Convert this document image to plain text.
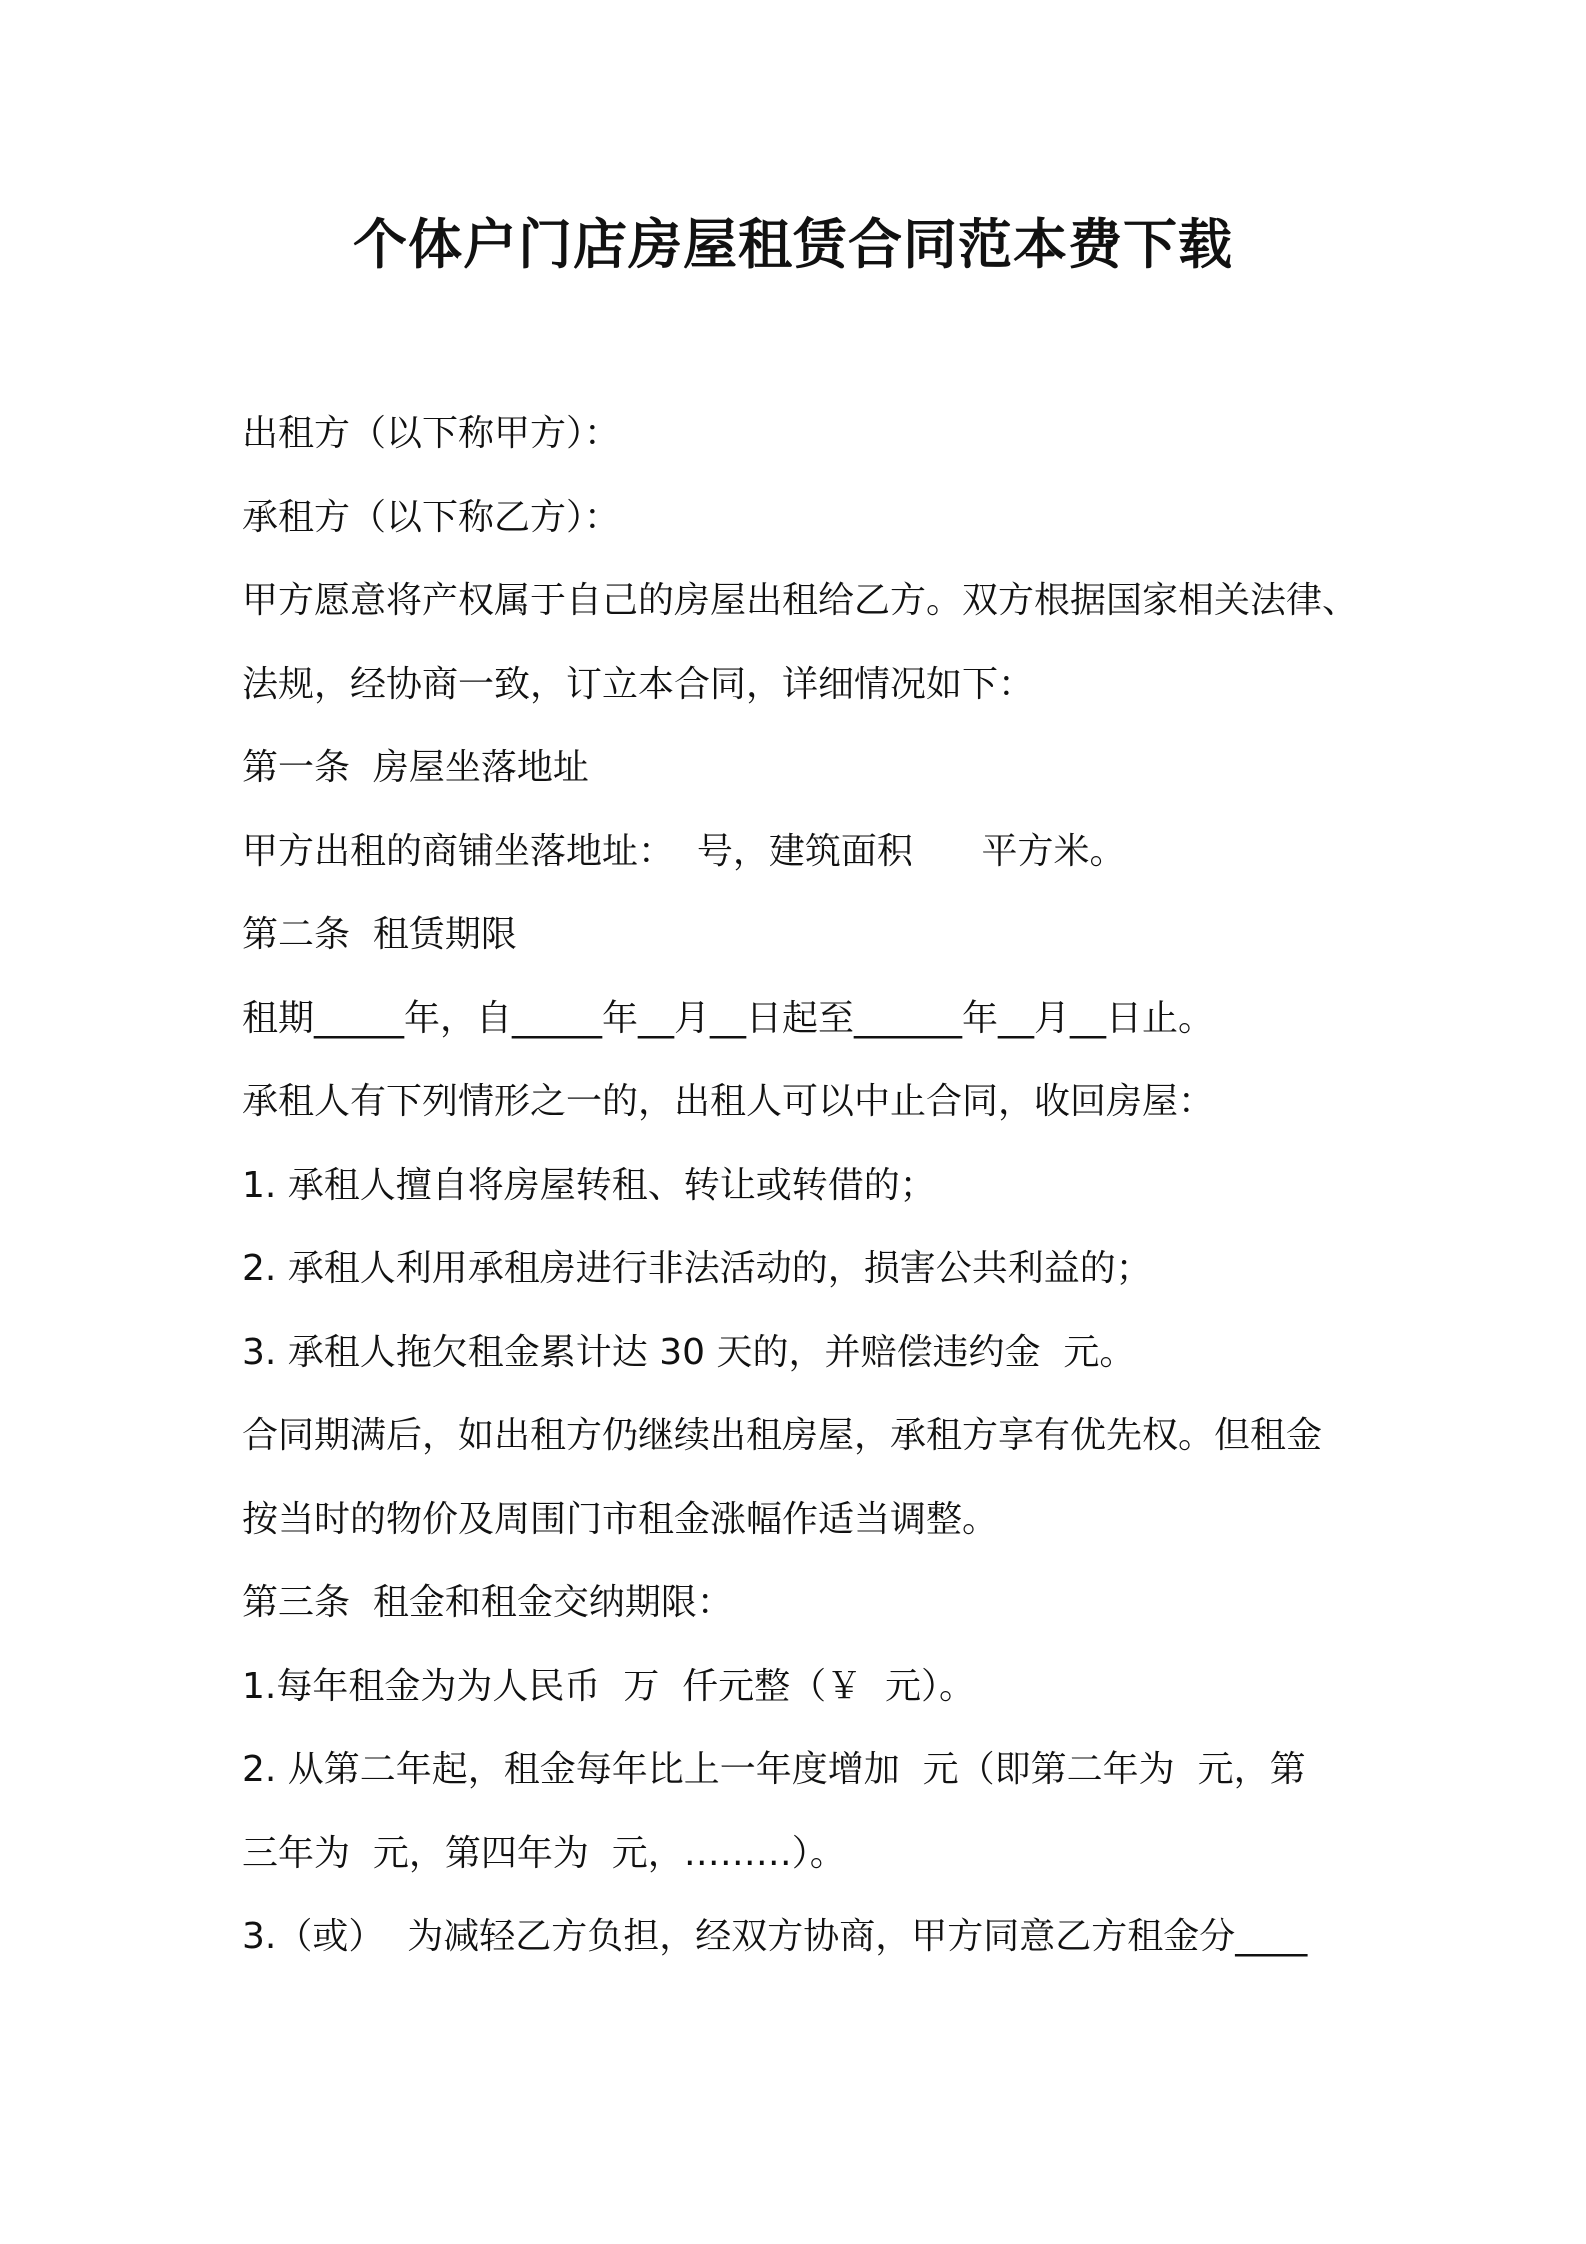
个体户门店房屋租赁合同范本费下载

出租方（以下称甲方）：

承租方（以下称乙方）：

甲方愿意将产权属于自己的房屋出租给乙方。双方根据国家相关法律、

法规，经协商一致，订立本合同，详细情况如下：

第一条  房屋坐落地址

甲方出租的商铺坐落地址：  号，建筑面积      平方米。

第二条  租赁期限

租期_____年，自_____年__月__日起至______年__月__日止。

承租人有下列情形之一的，出租人可以中止合同，收回房屋：

1. 承租人擅自将房屋转租、转让或转借的；

2. 承租人利用承租房进行非法活动的，损害公共利益的；

3. 承租人拖欠租金累计达 30 天的，并赔偿违约金  元。

合同期满后，如出租方仍继续出租房屋，承租方享有优先权。但租金

按当时的物价及周围门市租金涨幅作适当调整。

第三条  租金和租金交纳期限：

1.每年租金为为人民币  万  仟元整（￥  元）。

2. 从第二年起，租金每年比上一年度增加  元（即第二年为  元，第

三年为  元，第四年为  元，………）。

3.（或）  为减轻乙方负担，经双方协商，甲方同意乙方租金分____
